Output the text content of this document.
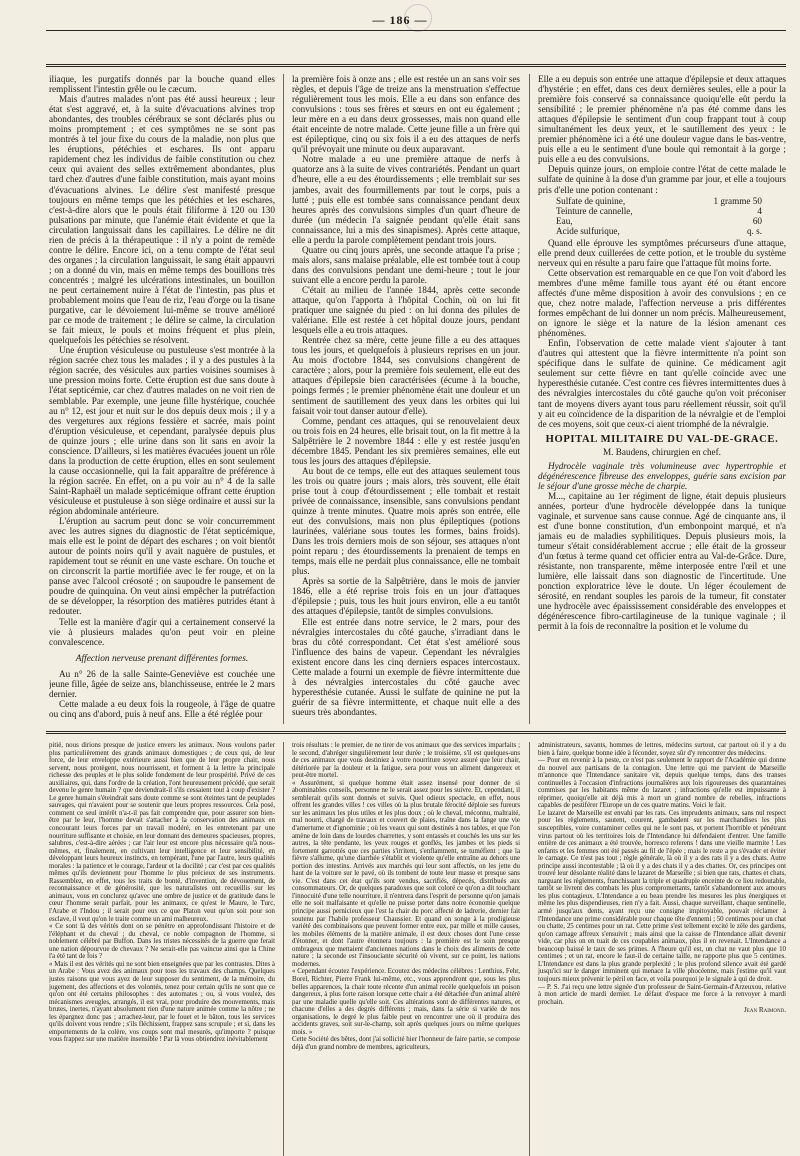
— 186 —

iliaque, les purgatifs donnés par la bouche quand elles remplissent l'intestin grêle ou le cæcum.

Mais d'autres malades n'ont pas été aussi heureux ; leur état s'est aggravé, et, à la suite d'évacuations alvines trop abondantes, des troubles cérébraux se sont déclarés plus ou moins promptement ; et ces symptômes ne se sont pas montrés à tel jour fixe du cours de la maladie, non plus que les éruptions, pétéchies et eschares. Ils ont apparu rapidement chez les individus de faible constitution ou chez ceux qui avaient des selles extrêmement abondantes, plus tard chez d'autres d'une faible constitution, mais ayant moins d'évacuations alvines. Le délire s'est manifesté presque toujours en même temps que les pétéchies et les eschares, c'est-à-dire alors que le pouls était filiforme à 120 ou 130 pulsations par minute, que l'anémie était évidente et que la circulation languissait dans les capillaires. Le délire ne dit rien de précis à la thérapeutique : il n'y a point de remède contre le délire. Encore ici, on a tenu compte de l'état seul des organes ; la circulation languissait, le sang était appauvri ; on a donné du vin, mais en même temps des bouillons très concentrés ; malgré les ulcérations intestinales, un bouillon ne peut certainement nuire à l'état de l'intestin, pas plus et probablement moins que l'eau de riz, l'eau d'orge ou la tisane purgative, car le dévoiement lui-même se trouve amélioré par ce mode de traitement ; le délire se calme, la circulation se fait mieux, le pouls et moins fréquent et plus plein, quelquefois les pétéchies se résolvent.

Une éruption vésiculeuse ou pustuleuse s'est montrée à la région sacrée chez tous les malades ; il y a des pustules à la région sacrée, des vésicules aux parties voisines soumises à une pression moins forte. Cette éruption est due sans doute à l'état septicémie, car chez d'autres malades on ne voit rien de semblable. Par exemple, une jeune fille hystérique, couchée au n° 12, est jour et nuit sur le dos depuis deux mois ; il y a des vergetures aux régions fessière et sacrée, mais point d'éruption vésiculeuse, et cependant, paralysée depuis plus de quinze jours ; elle urine dans son lit sans en avoir la conscience. D'ailleurs, si les matières évacuées jouent un rôle dans la production de cette éruption, elles en sont seulement la cause occasionnelle, qui la fait apparaître de préférence à la région sacrée. En effet, on a pu voir au n° 4 de la salle Saint-Raphaël un malade septicémique offrant cette éruption vésiculeuse et pustuleuse à son siège ordinaire et aussi sur la région abdominale antérieure.

L'éruption au sacrum peut donc se voir concurremment avec les autres signes du diagnostic de l'état septicémique, mais elle est le point de départ des eschares ; on voit bientôt autour de points noirs qu'il y avait naguère de pustules, et rapidement tout se réunit en une vaste eschare. On touche et on circonscrit la partie mortifiée avec le fer rouge, et on la panse avec l'alcool créosoté ; on saupoudre le pansement de poudre de quinquina. On veut ainsi empêcher la putréfaction de se développer, la résorption des matières putrides étant à redouter.

Telle est la manière d'agir qui a certainement conservé la vie à plusieurs malades qu'on peut voir en pleine convalescence.

Affection nerveuse prenant différentes formes.

Au n° 26 de la salle Sainte-Geneviève est couchée une jeune fille, âgée de seize ans, blanchisseuse, entrée le 2 mars dernier.

Cette malade a eu deux fois la rougeole, à l'âge de quatre ou cinq ans d'abord, puis à neuf ans. Elle a été réglée pour

la première fois à onze ans ; elle est restée un an sans voir ses règles, et depuis l'âge de treize ans la menstruation s'effectue régulièrement tous les mois. Elle a eu dans son enfance des convulsions : tous ses frères et sœurs en ont eu également ; leur mère en a eu dans deux grossesses, mais non quand elle était enceinte de notre malade. Cette jeune fille a un frère qui est épileptique, cinq ou six fois il a eu des attaques de nerfs qu'il prévoyait une minute ou deux auparavant.

Notre malade a eu une première attaque de nerfs à quatorze ans à la suite de vives contrariétés. Pendant un quart d'heure, elle a eu des étourdissements ; elle tremblait sur ses jambes, avait des fourmillements par tout le corps, puis a lutté ; puis elle est tombée sans connaissance pendant deux heures après des convulsions simples d'un quart d'heure de durée (un médecin l'a saignée pendant qu'elle était sans connaissance, lui a mis des sinapismes). Après cette attaque, elle a perdu la parole complètement pendant trois jours.

Quatre ou cinq jours après, une seconde attaque l'a prise ; mais alors, sans malaise préalable, elle est tombée tout à coup dans des convulsions pendant une demi-heure ; tout le jour suivant elle a encore perdu la parole.

C'était au milieu de l'année 1844, après cette seconde attaque, qu'on l'apporta à l'hôpital Cochin, où on lui fit pratiquer une saignée du pied : on lui donna des pilules de valériane. Elle est restée à cet hôpital douze jours, pendant lesquels elle a eu trois attaques.

Rentrée chez sa mère, cette jeune fille a eu des attaques tous les jours, et quelquefois à plusieurs reprises en un jour. Au mois d'octobre 1844, ses convulsions changèrent de caractère ; alors, pour la première fois seulement, elle eut des attaques d'épilepsie bien caractérisées (écume à la bouche, poings fermés ; le premier phénomène était une douleur et un sentiment de sautillement des yeux dans les orbites qui lui faisait voir tout danser autour d'elle).

Comme, pendant ces attaques, qui se renouvelaient deux ou trois fois en 24 heures, elle brisait tout, on la fit mettre à la Salpêtrière le 2 novembre 1844 : elle y est restée jusqu'en décembre 1845. Pendant les six premières semaines, elle eut tous les jours des attaques d'épilepsie.

Au bout de ce temps, elle eut des attaques seulement tous les trois ou quatre jours ; mais alors, très souvent, elle était prise tout à coup d'étourdissement ; elle tombait et restait privée de connaissance, insensible, sans convulsions pendant quinze à trente minutes. Quatre mois après son entrée, elle eut des convulsions, mais non plus épileptiques (potions laurinées, valériane sous toutes les formes, bains froids). Dans les trois derniers mois de son séjour, ses attaques n'ont point reparu ; des étourdissements la prenaient de temps en temps, mais elle ne perdait plus connaissance, elle ne tombait plus.

Après sa sortie de la Salpêtrière, dans le mois de janvier 1846, elle a été reprise trois fois en un jour d'attaques d'épilepsie ; puis, tous les huit jours environ, elle a eu tantôt des attaques d'épilepsie, tantôt de simples convulsions.

Elle est entrée dans notre service, le 2 mars, pour des névralgies intercostales du côté gauche, s'irradiant dans le bras du côté correspondant. Cet état s'est amélioré sous l'influence des bains de vapeur. Cependant les névralgies existent encore dans les cinq derniers espaces intercostaux. Cette malade a fourni un exemple de fièvre intermittente due à des névralgies intercostales du côté gauche avec hyperesthésie cutanée. Aussi le sulfate de quinine ne put la guérir de sa fièvre intermittente, et chaque nuit elle a des sueurs très abondantes.

Elle a eu depuis son entrée une attaque d'épilepsie et deux attaques d'hystérie ; en effet, dans ces deux dernières seules, elle a pour la première fois conservé sa connaissance quoiqu'elle eût perdu la sensibilité ; le premier phénomène n'a pas été comme dans les attaques d'épilepsie le sentiment d'un coup frappant tout à coup simultanément les deux yeux, et le sautillement des yeux : le premier phénomène ici a été une douleur vague dans le bas-ventre, puis elle a eu le sentiment d'une boule qui remontait à la gorge ; puis elle a eu des convulsions.

Depuis quinze jours, on emploie contre l'état de cette malade le sulfate de quinine à la dose d'un gramme par jour, et elle a toujours pris d'elle une potion contenant :

Sulfate de quinine,	1 gramme 50
Teinture de cannelle,	4
Eau,	60
Acide sulfurique,	q. s.

Quand elle éprouve les symptômes précurseurs d'une attaque, elle prend deux cuillerées de cette potion, et le trouble du système nerveux qui en résulte a paru faire que l'attaque fût moins forte.

Cette observation est remarquable en ce que l'on voit d'abord les membres d'une même famille tous ayant été ou étant encore affectés d'une même disposition à avoir des convulsions ; en ce que, chez notre malade, l'affection nerveuse a pris différentes formes empêchant de lui donner un nom précis. Malheureusement, on ignore le siège et la nature de la lésion amenant ces phénomènes.

Enfin, l'observation de cette malade vient s'ajouter à tant d'autres qui attestent que la fièvre intermittente n'a point son spécifique dans le sulfate de quinine. Ce médicament agit seulement sur cette fièvre en tant qu'elle coïncide avec une hyperesthésie cutanée. C'est contre ces fièvres intermittentes dues à des névralgies intercostales du côté gauche qu'on voit préconiser tant de moyens divers ayant tous paru réellement réussir, soit qu'il y ait eu coïncidence de la disparition de la névralgie et de l'emploi de ces moyens, soit que ceux-ci aient triomphé de la névralgie.

HOPITAL MILITAIRE DU VAL-DE-GRACE.
M. Baudens, chirurgien en chef.

Hydrocèle vaginale très volumineuse avec hypertrophie et dégénérescence fibreuse des enveloppes, guérie sans excision par le séjour d'une grosse mèche de charpie.

M..., capitaine au 1er régiment de ligne, était depuis plusieurs années, porteur d'une hydrocèle développée dans la tunique vaginale, et survenue sans cause connue. Agé de cinquante ans, il est d'une bonne constitution, d'un embonpoint marqué, et n'a jamais eu de maladies syphilitiques. Depuis plusieurs mois, la tumeur s'était considérablement accrue ; elle était de la grosseur d'un fœtus à terme quand cet officier entra au Val-de-Grâce. Dure, résistante, non transparente, même interposée entre l'œil et une lumière, elle laissait dans son diagnostic de l'incertitude. Une ponction exploratrice lève le doute. Un léger écoulement de sérosité, en rendant souples les parois de la tumeur, fit constater une hydrocèle avec épaississement considérable des enveloppes et dégénérescence fibro-cartilagineuse de la tunique vaginale ; il permit à la fois de reconnaître la position et le volume du

pitié, nous dirions presque de justice envers les animaux. Nous voulons parler plus particulièrement des grands animaux domestiques ; de ceux qui, de leur force, de leur enveloppe extérieure aussi bien que de leur propre chair, nous servent, nous protègent, nous nourrissent, et forment à la lettre la principale richesse des peuples et le plus solide fondement de leur prospérité. Privé de ces auxiliaires, qui, dans l'ordre de la création, l'ont heureusement précédé, que serait devenu le genre humain ? que deviendrait-il s'ils cessaient tout à coup d'exister ? Le genre humain s'éteindrait sans doute comme se sont éteintes tant de peuplades sauvages, qui n'avaient pour se soutenir que leurs propres ressources. Cela posé, comment ce seul intérêt n'a-t-il pas fait comprendre que, pour assurer son bien-être par le leur, l'homme devait s'attacher à la conservation des animaux en concourant leurs forces par un travail modéré, en les entretenant par une nourriture suffisante et choisie, en leur donnant des demeures spacieuses, propres, salubres, c'est-à-dire aérées ; car l'air leur est encore plus nécessaire qu'à nous-mêmes, et, finalement, en cultivant leur intelligence et leur sensibilité, en développant leurs heureux instincts, en tempérant, l'une par l'autre, leurs qualités morales : la patience et le courage, l'ardeur et la docilité ; car c'est par ces qualités mêmes qu'ils deviennent pour l'homme le plus précieux de ses instruments. Rassemblez, en effet, tous les traits de bonté, d'invention, de dévouement, de reconnaissance et de générosité, que les naturalistes ont recueillis sur les animaux, vous en conclurez qu'avec une ombre de justice et de gratitude dans le cœur l'homme serait parfait, pour les animaux, ce qu'est le Maure, le Turc, l'Arabe et l'Indou ; il serait pour eux ce que Platon veut qu'on soit pour son esclave, il veut qu'on le traite comme un ami malheureux.
« Ce sont là des vérités dont on se pénètre en approfondissant l'histoire et de l'éléphant et du cheval ; du cheval, ce noble compagnon de l'homme, si noblement célébré par Buffon. Dans les tristes nécessités de la guerre que ferait une nation dépourvue de chevaux ? Ne serait-elle pas vaincue ainsi que la Chine l'a été tant de fois ?
« Mais il est des vérités qui ne sont bien enseignées que par les contrastes. Dites à un Arabe : Vous avez des animaux pour tous les travaux des champs. Quelques justes raisons que vous ayez de leur supposer du sentiment, de la mémoire, du jugement, des affections et des volontés, tenez pour certain qu'ils ne sont que ce qu'on ont été certains philosophes : des automates ; ou, si vous voulez, des mécanismes aveugles, arrangés, il est vrai, pour produire des mouvements, mais brutes, inertes, n'ayant absolument rien d'une nature animée comme la nôtre ; ne les épargnez donc pas ; arrachez-leur, par le fouet et le bâton, tous les services qu'ils doivent vous rendre ; s'ils fléchissent, frappez sans scrupule ; et si, dans les emportements de la colère, vos coups sont mal mesurés, qu'importe ? puisque vous frappez sur une matière insensible ! Par là vous obtiendrez inévitablement

trois résultats : le premier, de ne tirer de vos animaux que des services imparfaits ; le second, d'abréger singulièrement leur durée ; le troisième, s'il est quelques-uns de ces animaux que vous destiniez à votre nourriture soyez assuré que leur chair, détériorée par la douleur et la fatigue, sera pour vous un aliment dangereux et peut-être mortel.
« Assurément, si quelque homme était assez insensé pour donner de si abominables conseils, personne ne le serait assez pour les suivre. Et, cependant, il semblerait qu'ils sont donnés et suivis. Quel odieux spectacle, en effet, nous offrent les grandes villes ! ces villes où la plus brutale férocité déploie ses fureurs sur les animaux les plus utiles et les plus doux ; où le cheval, méconnu, maltraité, mal nourri, chargé de travaux et couvert de plaies, traîne dans la fange une vie d'amertume et d'ignominie ; où les veaux qui sont destinés à nos tables, et que l'on amène de loin dans de lourdes charrettes, y sont entassés et couchés les uns sur les autres, la tête pendante, les yeux rouges et gonflés, les jambes et les pieds si fortement garrottés que ces parties s'irritent, s'enflamment, se tuméfient ; que la fièvre s'allume, qu'une diarrhée s'établit et violente qu'elle entraîne au dehors une portion des intestins. Arrivés aux marchés qui leur sont affectés, on les jette du haut de la voiture sur le pavé, où ils tombent de toute leur masse et presque sans vie. C'est dans cet état qu'ils sont vendus, sacrifiés, dépecés, distribués aux consommateurs. Or, de quelques paradoxes que soit coloré ce qu'on a dit touchant l'innocuité d'une telle nourriture, il n'entrera dans l'esprit de personne qu'on jamais elle ne soit malfaisante et qu'elle ne puisse porter dans notre économie quelque principe aussi pernicieux que l'est la chair du porc affecté de ladrerie, dernier fait soutenu par l'habile professeur Chaussier. Et quand on songe à la prodigieuse variété des combinaisons que peuvent former entre eux, par mille et mille causes, les mobiles éléments de la matière animale, il est deux choses dont l'une cesse d'étonner, et dont l'autre étonnera toujours : la première est le soin presque ombrageux que mettaient d'anciennes nations dans le choix des aliments de cette nature ; la seconde est l'insouciante sécurité où vivent, sur ce point, les nations modernes.
« Cependant écoutez l'expérience. Ecoutez des médecins célèbres : Lenthius, Fehr, Borel, Richter, Pierre Frank lui-même, etc., vous apprendront que, sous les plus belles apparences, la chair toute récente d'un animal recèle quelquefois un poison dangereux, à plus forte raison lorsque cette chair a été détachée d'un animal altéré par une maladie quelle qu'elle soit. Ces altérations sont de différentes natures, et chacune d'elles a des degrés différents ; mais, dans la série si variée de nos organisations, le degré le plus faible peut en rencontrer une où il produira des accidents graves, soit sur-le-champ, soit après quelques jours ou même quelques mois. »
Cette Société des bêtes, dont j'ai sollicité hier l'honneur de faire partie, se compose déjà d'un grand nombre de membres, agriculteurs,

administrateurs, savants, hommes de lettres, médecins surtout, car partout où il y a du bien à faire, quelque bonne idée à féconder, soyez sûr d'y rencontrer des médecins.
— Pour en revenir à la peste, ce n'est pas seulement le rapport de l'Académie qui donne du nouvel aux partisans de la contagion. Une lettre qui me parvient de Marseille m'annonce que l'Intendance sanitaire vit, depuis quelque temps, dans des transes continuelles à l'occasion d'infractions journalières aux lois rigoureuses des quarantaines commises par les habitants même du lazaret ; infractions qu'elle est impuissante à réprimer, quoiqu'elle ait déjà mis à mort un grand nombre de rebelles, infractions capables de pestiférer l'Europe un de ces quatre matins. Voici le fait.
Le lazaret de Marseille est envahi par les rats. Ces imprudents animaux, sans nul respect pour les règlements, sautent, courent, gambadent sur les marchandises les plus susceptibles, voire contaminer celles qui ne le sont pas, et portent l'horrible et pénétrant virus partout où les territoires lois de l'Intendance lui défendaient d'entrer. Une famille entière de ces animaux a été trouvée, horresco referens ! dans une vieille marmite ! Les enfants et les femmes ont été passés au fil de l'épée ; mais le reste a pu s'évader et éviter le carnage. Ce n'est pas tout ; règle générale, là où il y a des rats il y a des chats. Autre principe aussi incontestable ; là où il y a des chats il y a des chattes. Or, ces principes ont trouvé leur désolante réalité dans le lazaret de Marseille ; si bien que rats, chattes et chats, narguant les règlements, franchissant la triple et quadruple enceinte de ce lieu redoutable, tantôt se livrent des combats les plus compromettants, tantôt s'abandonnent aux amours les plus contagieux. L'Intendance a eu beau prendre les mesures les plus énergiques et même les plus dispendieuses, rien n'y a fait. Aussi, chaque surveillant, chaque sentinelle, armé jusqu'aux dents, ayant reçu une consigne impitoyable, pouvait réclamer à l'Intendance une prime considérable pour chaque tête d'ennemi ; 50 centimes pour un chat ou chatte, 25 centimes pour un rat. Cette prime s'est tellement excité le zèle des gardiens, qu'on carnage affreux s'ensuivit ; mais ainsi que la caisse de l'Intendance allait devenir vide, car plus on en tuait de ces coupables animaux, plus il en revenait. L'Intendance a beaucoup baissé le taux de ses primes. A l'heure qu'il est, un chat ne vaut plus que 10 centimes ; et un rat, encore le faut-il de certaine taille, ne rapporte plus que 5 centimes. L'Intendance est dans la plus grande perplexité ; le plus profond silence avait été gardé jusqu'ici sur le danger imminent qui menace la ville phocéenne, mais j'estime qu'il vaut toujours mieux prévenir le péril en face, et voila pourquoi je le signale à qui de droit.
— P. S. J'ai reçu une lettre signée d'un professeur de Saint-Germain-d'Arzeuxou, relative à mon article de mardi dernier. Le défaut d'espace me force à la renvoyer à mardi prochain.

Jean Raimond.
